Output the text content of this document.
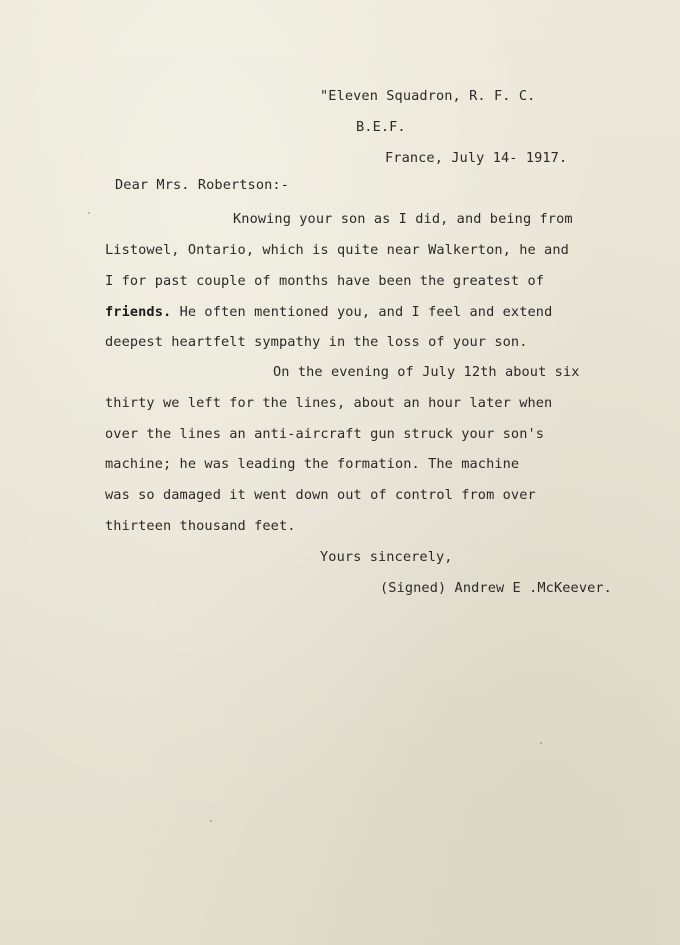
"Eleven Squadron, R. F. C.
B.E.F.
France, July 14- 1917.
Dear Mrs. Robertson:-
Knowing your son as I did, and being from
Listowel, Ontario, which is quite near Walkerton, he and
I for past couple of months have been the greatest of
friends. He often mentioned you, and I feel and extend
deepest heartfelt sympathy in the loss of your son.
On the evening of July 12th about six
thirty we left for the lines, about an hour later when
over the lines an anti-aircraft gun struck your son's
machine; he was leading the formation. The machine
was so damaged it went down out of control from over
thirteen thousand feet.
Yours sincerely,
(Signed) Andrew E .McKeever.
